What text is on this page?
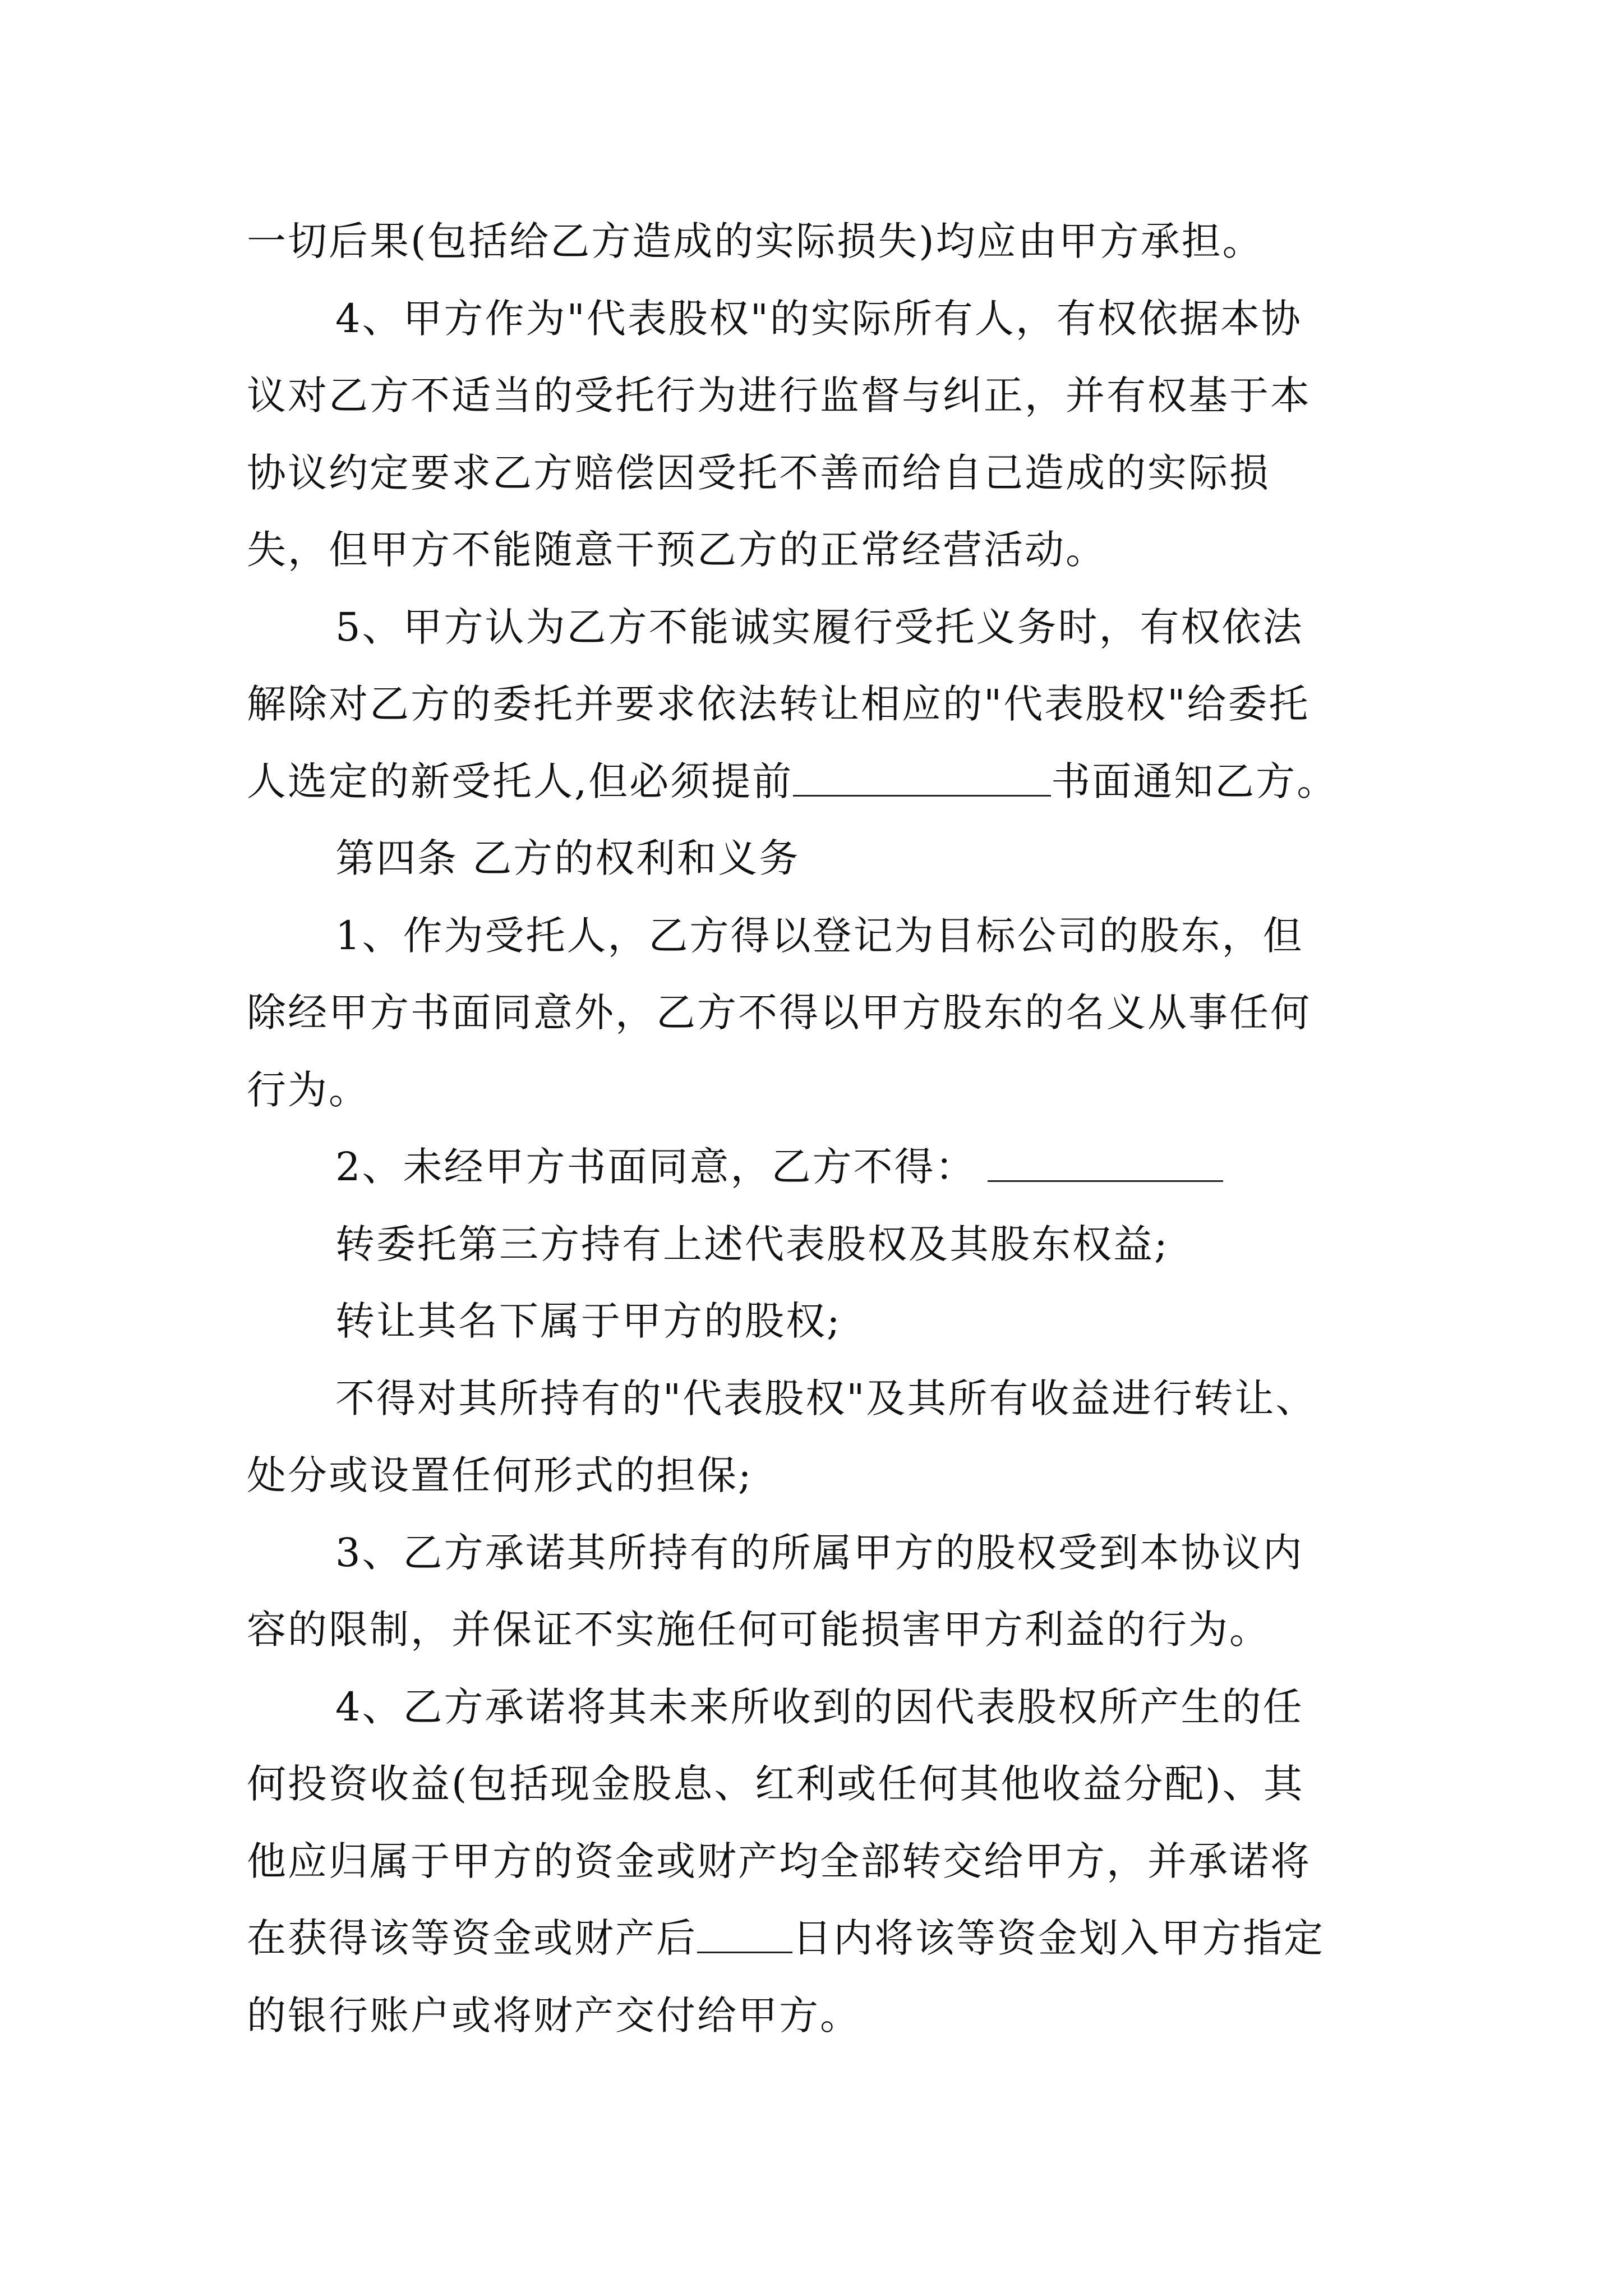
一切后果(包括给乙方造成的实际损失)均应由甲方承担。
4、甲方作为"代表股权"的实际所有人，有权依据本协
议对乙方不适当的受托行为进行监督与纠正，并有权基于本
协议约定要求乙方赔偿因受托不善而给自己造成的实际损
失，但甲方不能随意干预乙方的正常经营活动。
5、甲方认为乙方不能诚实履行受托义务时，有权依法
解除对乙方的委托并要求依法转让相应的"代表股权"给委托
人选定的新受托人,但必须提前	书面通知乙方。
第四条 乙方的权利和义务
1、作为受托人，乙方得以登记为目标公司的股东，但
除经甲方书面同意外，乙方不得以甲方股东的名义从事任何
行为。
2、未经甲方书面同意，乙方不得：
转委托第三方持有上述代表股权及其股东权益;
转让其名下属于甲方的股权;
不得对其所持有的"代表股权"及其所有收益进行转让、
处分或设置任何形式的担保;
3、乙方承诺其所持有的所属甲方的股权受到本协议内
容的限制，并保证不实施任何可能损害甲方利益的行为。
4、乙方承诺将其未来所收到的因代表股权所产生的任
何投资收益(包括现金股息、红利或任何其他收益分配)、其
他应归属于甲方的资金或财产均全部转交给甲方，并承诺将
在获得该等资金或财产后 日内将该等资金划入甲方指定
的银行账户或将财产交付给甲方。
